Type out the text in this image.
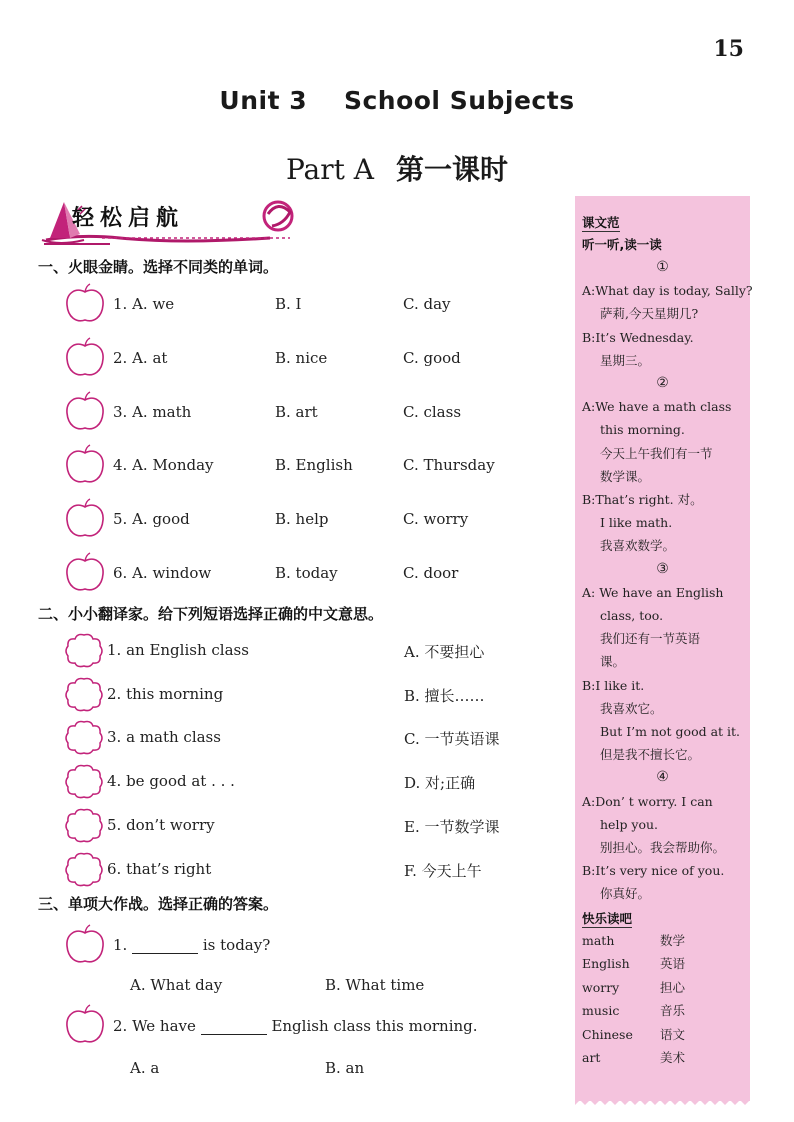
15
Unit 3    School Subjects
Part A 第一课时
轻松启航
一、火眼金睛。选择不同类的单词。
1. A. we	B. I	C. day
2. A. at	B. nice	C. good
3. A. math	B. art	C. class
4. A. Monday	B. English	C. Thursday
5. A. good	B. help	C. worry
6. A. window	B. today	C. door
二、小小翻译家。给下列短语选择正确的中文意思。
1. an English class	A. 不要担心
2. this morning	B. 擅长……
3. a math class	C. 一节英语课
4. be good at . . .	D. 对;正确
5. don’t worry	E. 一节数学课
6. that’s right	F. 今天上午
三、单项大作战。选择正确的答案。
1.	is today?
A. What day	B. What time
2. We have	English class this morning.
A. a	B. an
课文范
听一听,读一读
①
A:What day is today, Sally?
萨莉,今天星期几?
B:It’s Wednesday.
星期三。
②
A:We have a math class
this morning.
今天上午我们有一节
数学课。
B:That’s right. 对。
I like math.
我喜欢数学。
③
A: We have an English
class, too.
我们还有一节英语
课。
B:I like it.
我喜欢它。
But I’m not good at it.
但是我不擅长它。
④
A:Don’ t worry. I can
help you.
别担心。我会帮助你。
B:It’s very nice of you.
你真好。
快乐读吧
math	数学
English 英语
worry	担心
music	音乐
Chinese 语文
art	美术
